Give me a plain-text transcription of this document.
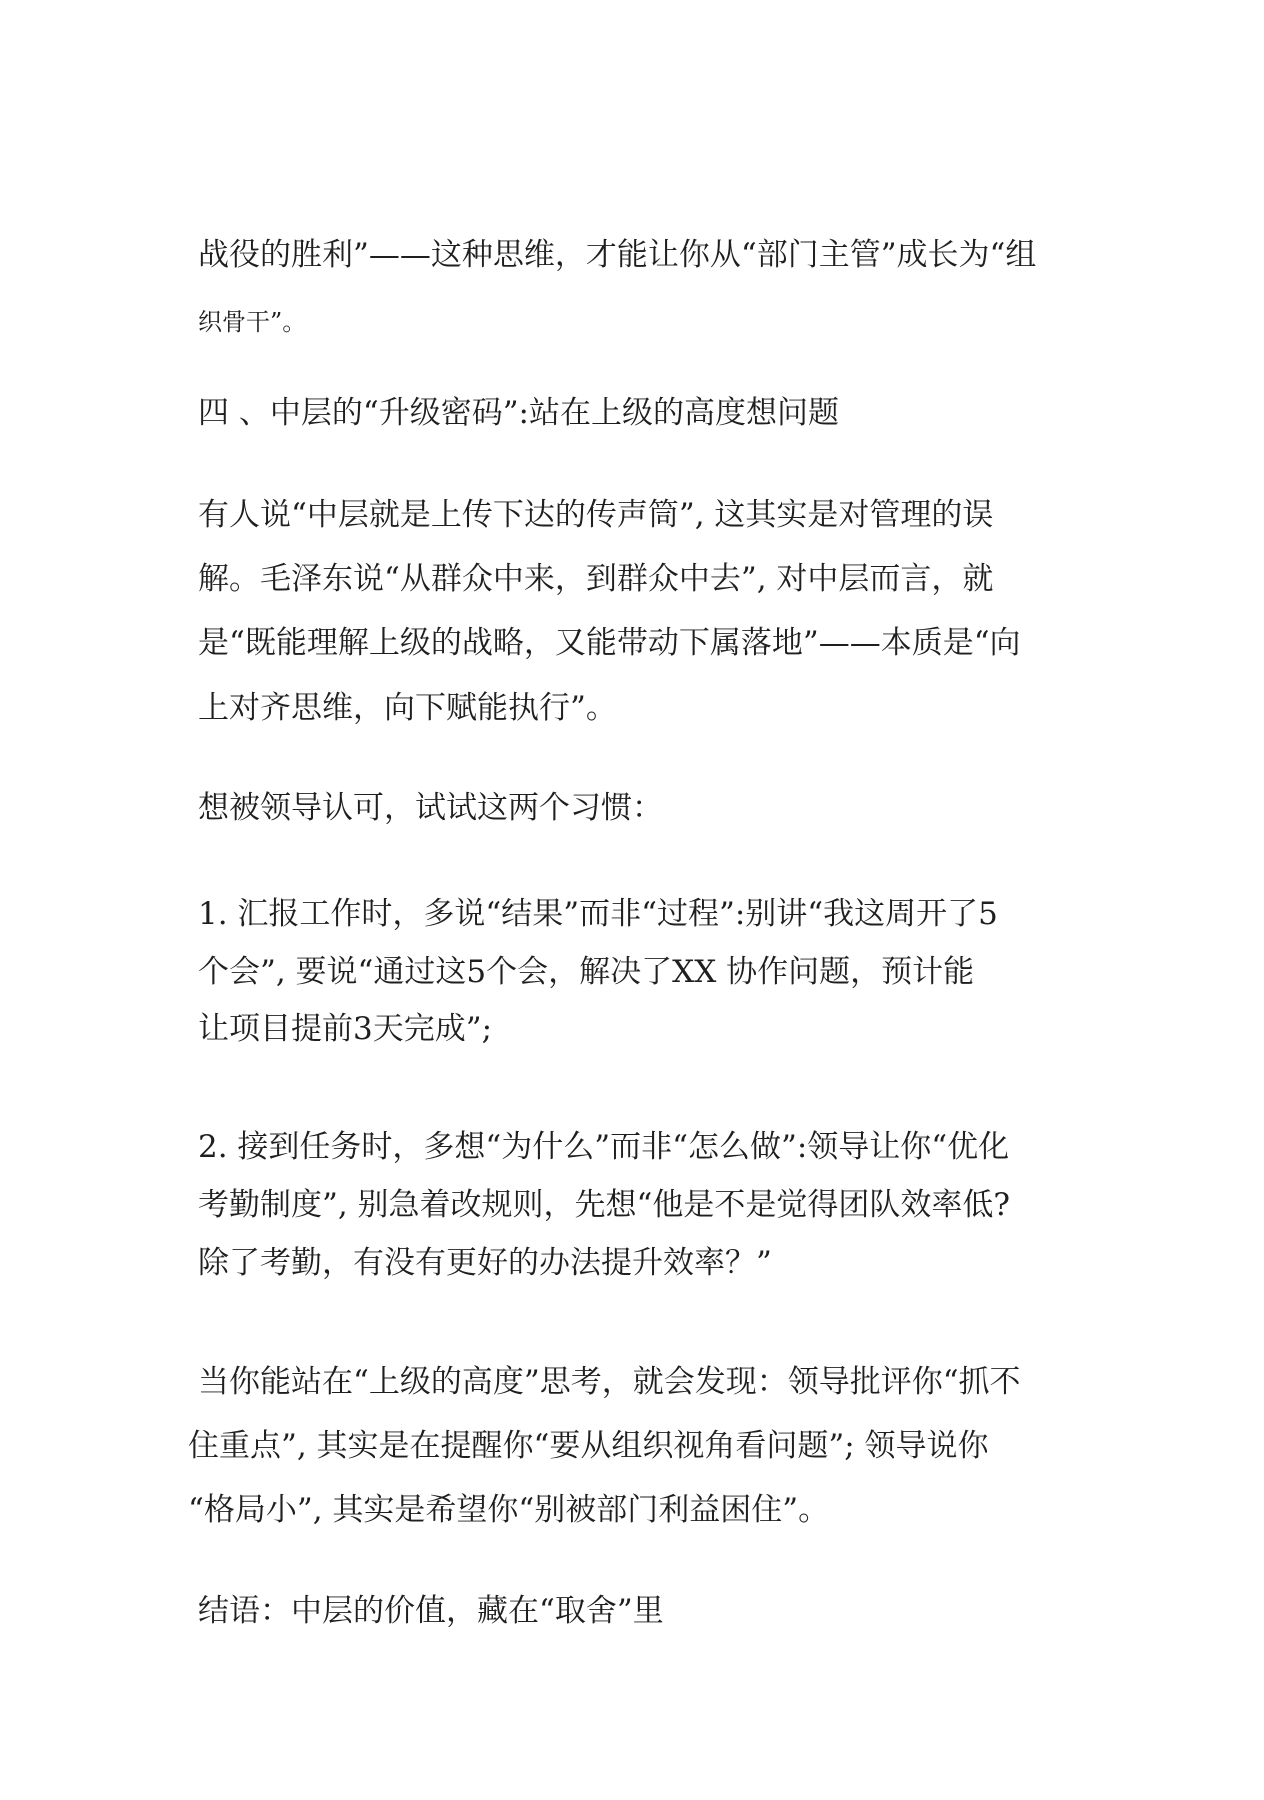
战役的胜利”——这种思维，才能让你从“部门主管”成长为“组
织骨干”。
四 、中层的“升级密码”:站在上级的高度想问题
有人说“中层就是上传下达的传声筒”, 这其实是对管理的误
解。毛泽东说“从群众中来，到群众中去”, 对中层而言，就
是“既能理解上级的战略，又能带动下属落地”——本质是“向
上对齐思维，向下赋能执行”。
想被领导认可，试试这两个习惯：
1. 汇报工作时，多说“结果”而非“过程”:别讲“我这周开了5
个会”, 要说“通过这5个会，解决了XX 协作问题，预计能
让项目提前3天完成”;
2. 接到任务时，多想“为什么”而非“怎么做”:领导让你“优化
考勤制度”, 别急着改规则，先想“他是不是觉得团队效率低?
除了考勤，有没有更好的办法提升效率？”
当你能站在“上级的高度”思考，就会发现：领导批评你“抓不
住重点”, 其实是在提醒你“要从组织视角看问题”; 领导说你
“格局小”, 其实是希望你“别被部门利益困住”。
结语：中层的价值，藏在“取舍”里
